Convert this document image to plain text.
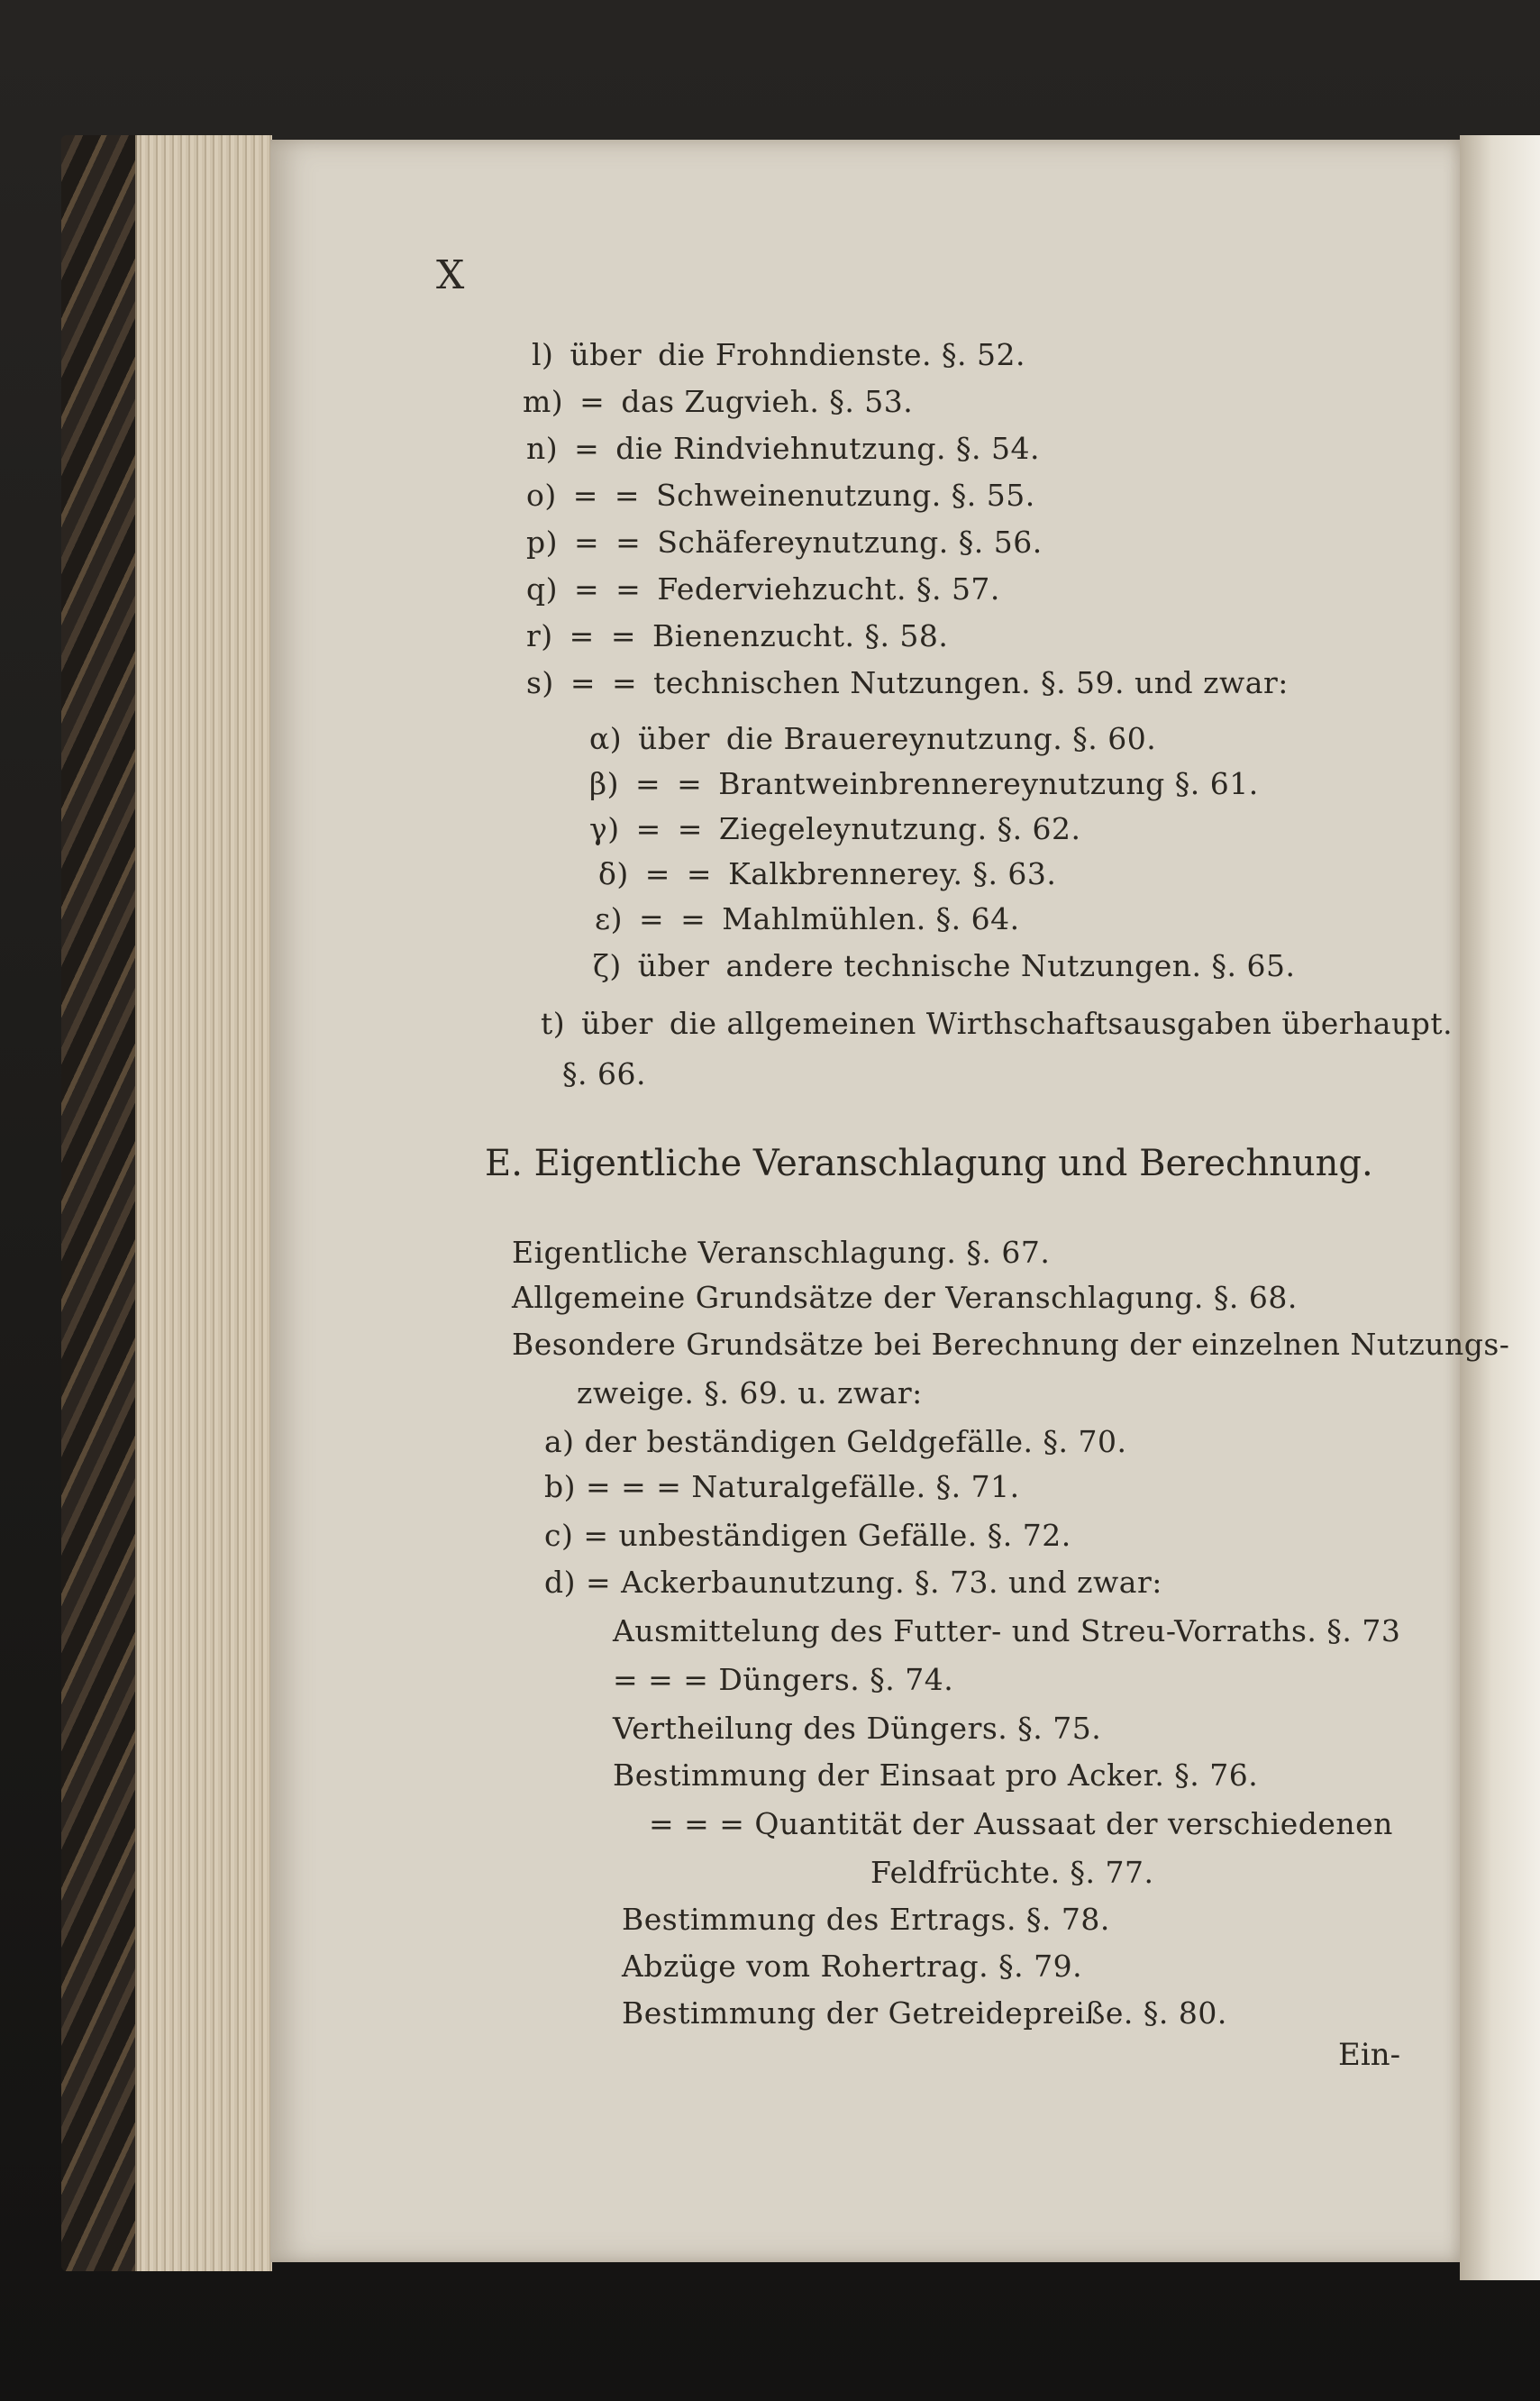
X
l) über die Frohndienste. §. 52.
m) = das Zugvieh. §. 53.
n) = die Rindviehnutzung. §. 54.
o) = = Schweinenutzung. §. 55.
p) = = Schäfereynutzung. §. 56.
q) = = Federviehzucht. §. 57.
r) = = Bienenzucht. §. 58.
s) = = technischen Nutzungen. §. 59. und zwar:
α) über die Brauereynutzung. §. 60.
β) = = Brantweinbrennereynutzung §. 61.
γ) = = Ziegeleynutzung. §. 62.
δ) = = Kalkbrennerey. §. 63.
ε) = = Mahlmühlen. §. 64.
ζ) über andere technische Nutzungen. §. 65.
t) über die allgemeinen Wirthschaftsausgaben überhaupt.
§. 66.
E. Eigentliche Veranschlagung und Berechnung.
Eigentliche Veranschlagung. §. 67.
Allgemeine Grundsätze der Veranschlagung. §. 68.
Besondere Grundsätze bei Berechnung der einzelnen Nutzungs-
zweige. §. 69. u. zwar:
a) der beständigen Geldgefälle. §. 70.
b) = = = Naturalgefälle. §. 71.
c) = unbeständigen Gefälle. §. 72.
d) = Ackerbaunutzung. §. 73. und zwar:
Ausmittelung des Futter- und Streu-Vorraths. §. 73
= = = Düngers. §. 74.
Vertheilung des Düngers. §. 75.
Bestimmung der Einsaat pro Acker. §. 76.
= = = Quantität der Aussaat der verschiedenen
Feldfrüchte. §. 77.
Bestimmung des Ertrags. §. 78.
Abzüge vom Rohertrag. §. 79.
Bestimmung der Getreidepreiße. §. 80.
Ein-
